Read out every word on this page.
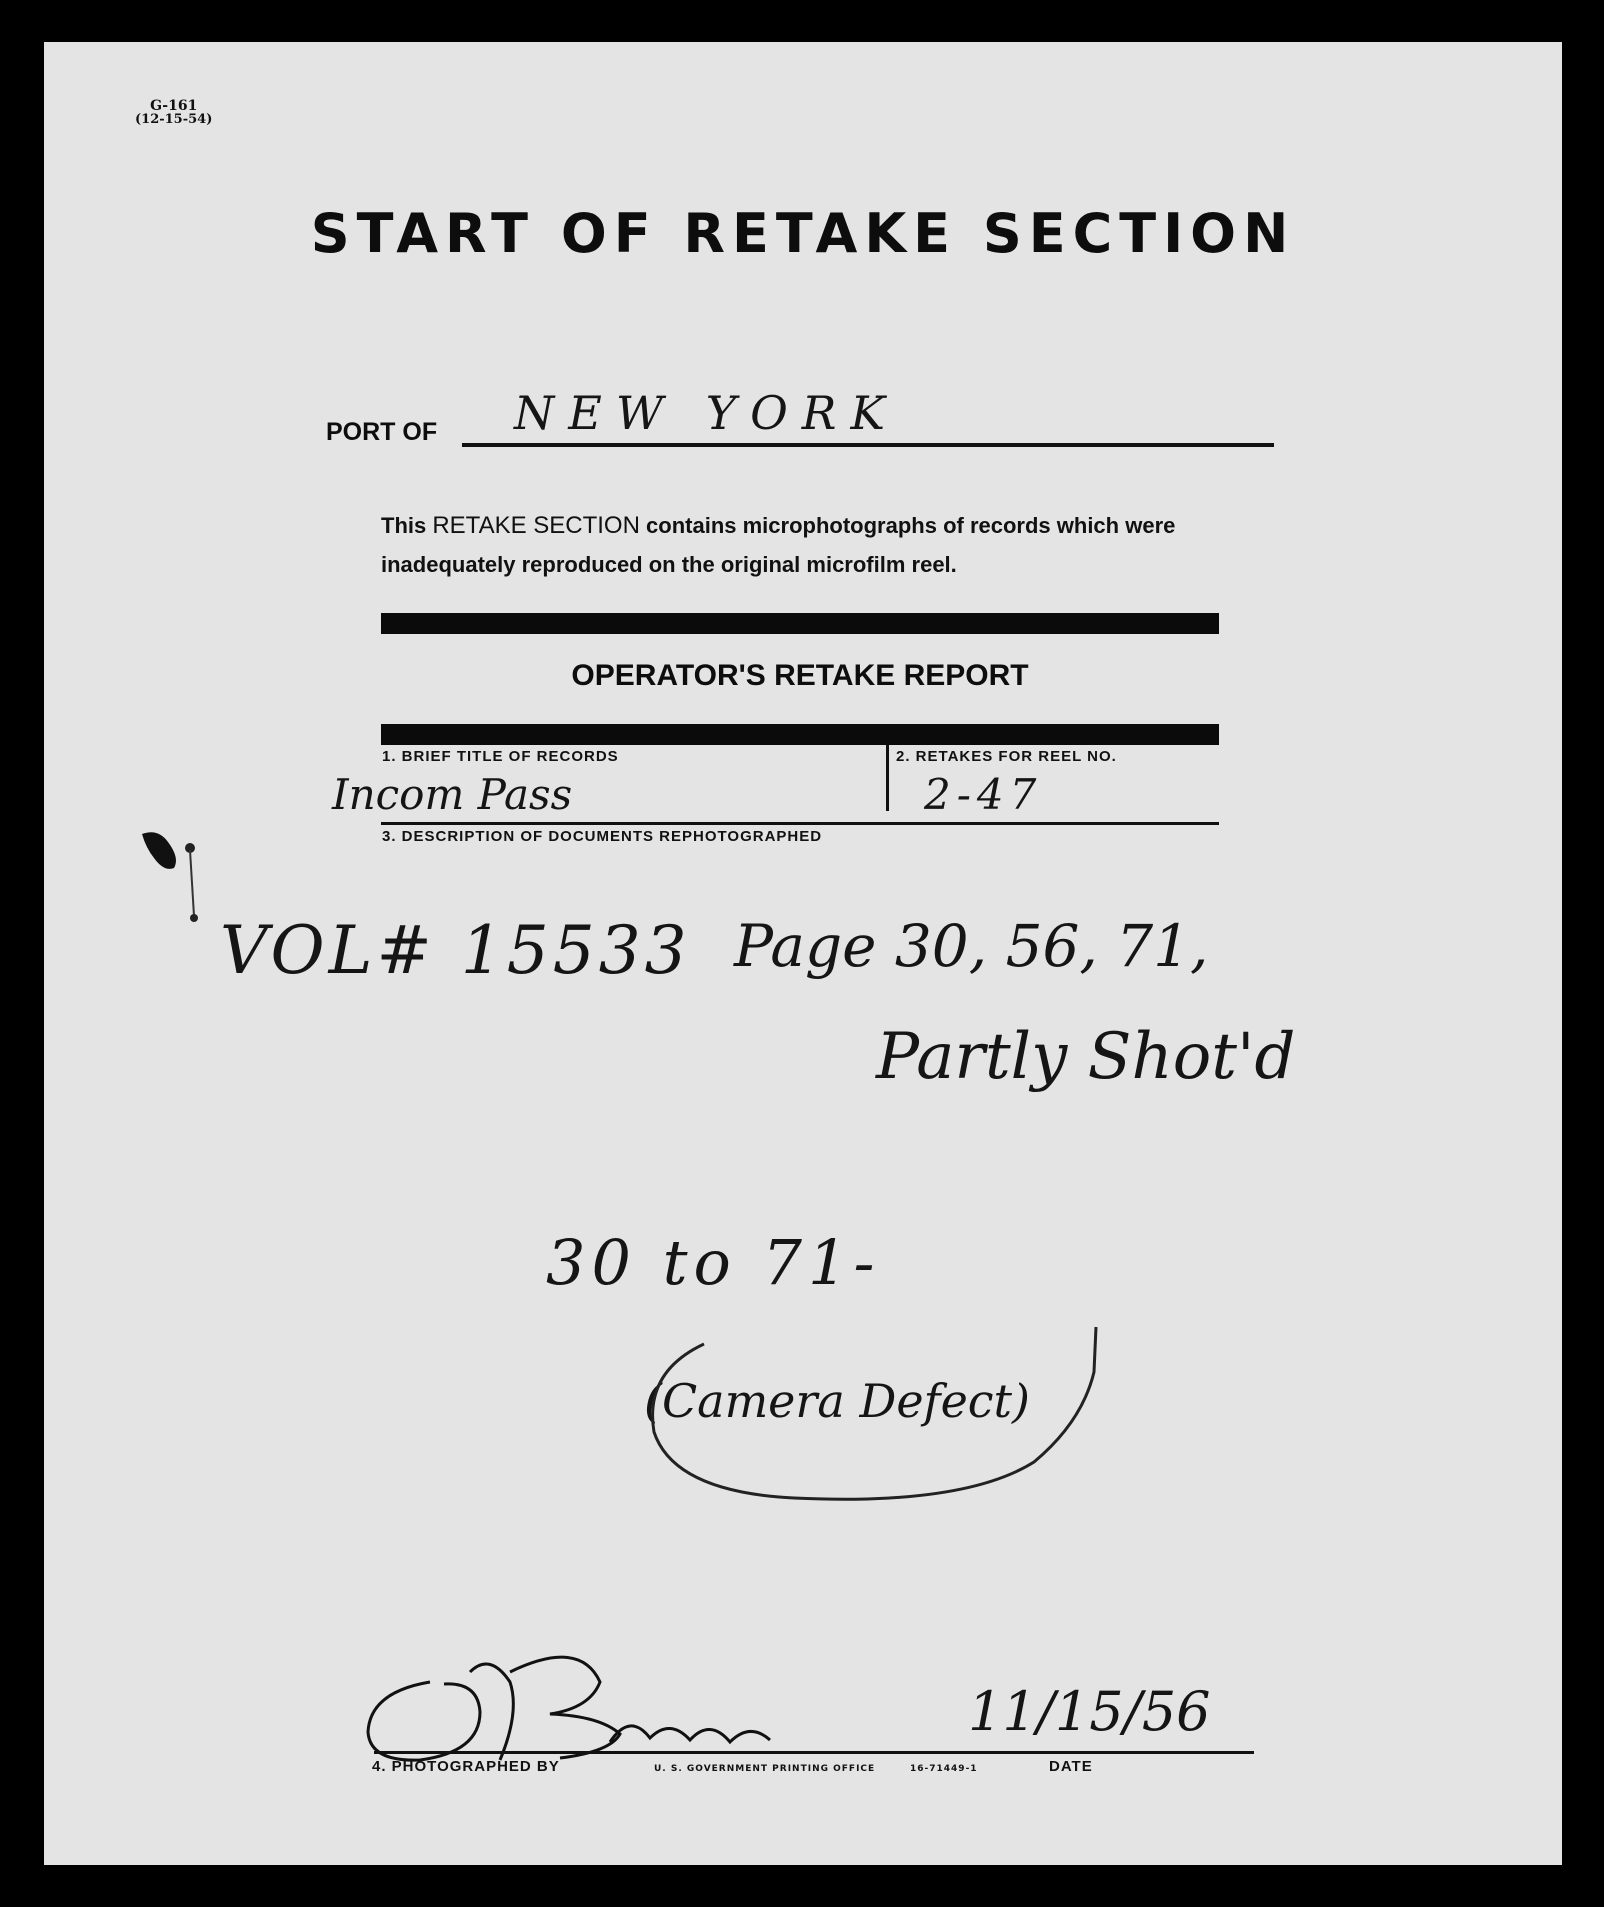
G-161
(12-15-54)
START OF RETAKE SECTION
PORT OF NEW YORK
This RETAKE SECTION contains microphotographs of records which were
inadequately reproduced on the original microfilm reel.
OPERATOR'S RETAKE REPORT
1. BRIEF TITLE OF RECORDS	2. RETAKES FOR REEL NO.
Incom Pass	2-47
3. DESCRIPTION OF DOCUMENTS REPHOTOGRAPHED
VOL# 15533 Page 30, 56, 71,
Partly Shot'd
30 to 71-
(Camera Defect)
11/15/56
4. PHOTOGRAPHED BY	U. S. GOVERNMENT PRINTING OFFICE	16-71449-1	DATE
